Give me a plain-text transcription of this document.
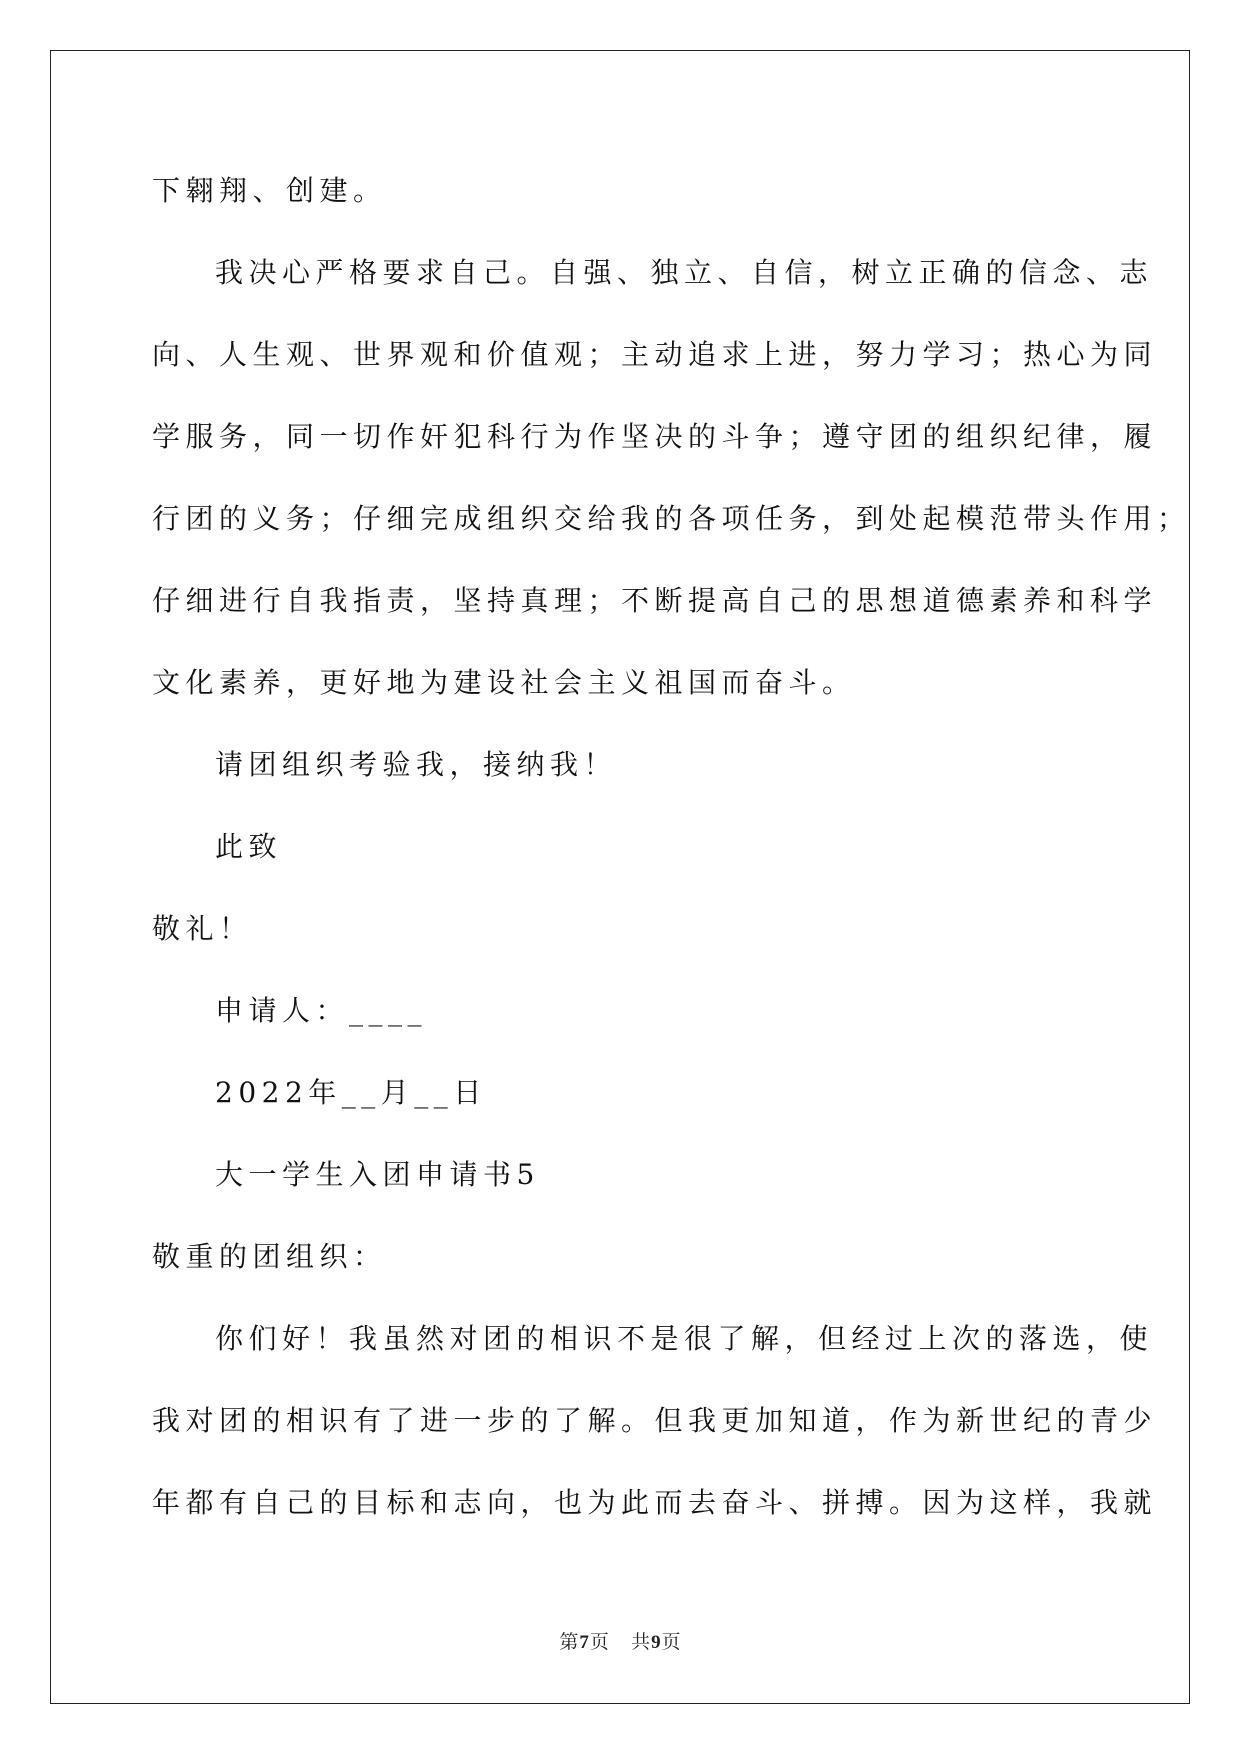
下翱翔、创建。
我决心严格要求自己。自强、独立、自信，树立正确的信念、志
向、人生观、世界观和价值观；主动追求上进，努力学习；热心为同
学服务，同一切作奸犯科行为作坚决的斗争；遵守团的组织纪律，履
行团的义务；仔细完成组织交给我的各项任务，到处起模范带头作用；
仔细进行自我指责，坚持真理；不断提高自己的思想道德素养和科学
文化素养，更好地为建设社会主义祖国而奋斗。
请团组织考验我，接纳我！
此致
敬礼！
申请人：____
2022年__月__日
大一学生入团申请书5
敬重的团组织：
你们好！我虽然对团的相识不是很了解，但经过上次的落选，使
我对团的相识有了进一步的了解。但我更加知道，作为新世纪的青少
年都有自己的目标和志向，也为此而去奋斗、拼搏。因为这样，我就
第7页 共9页
